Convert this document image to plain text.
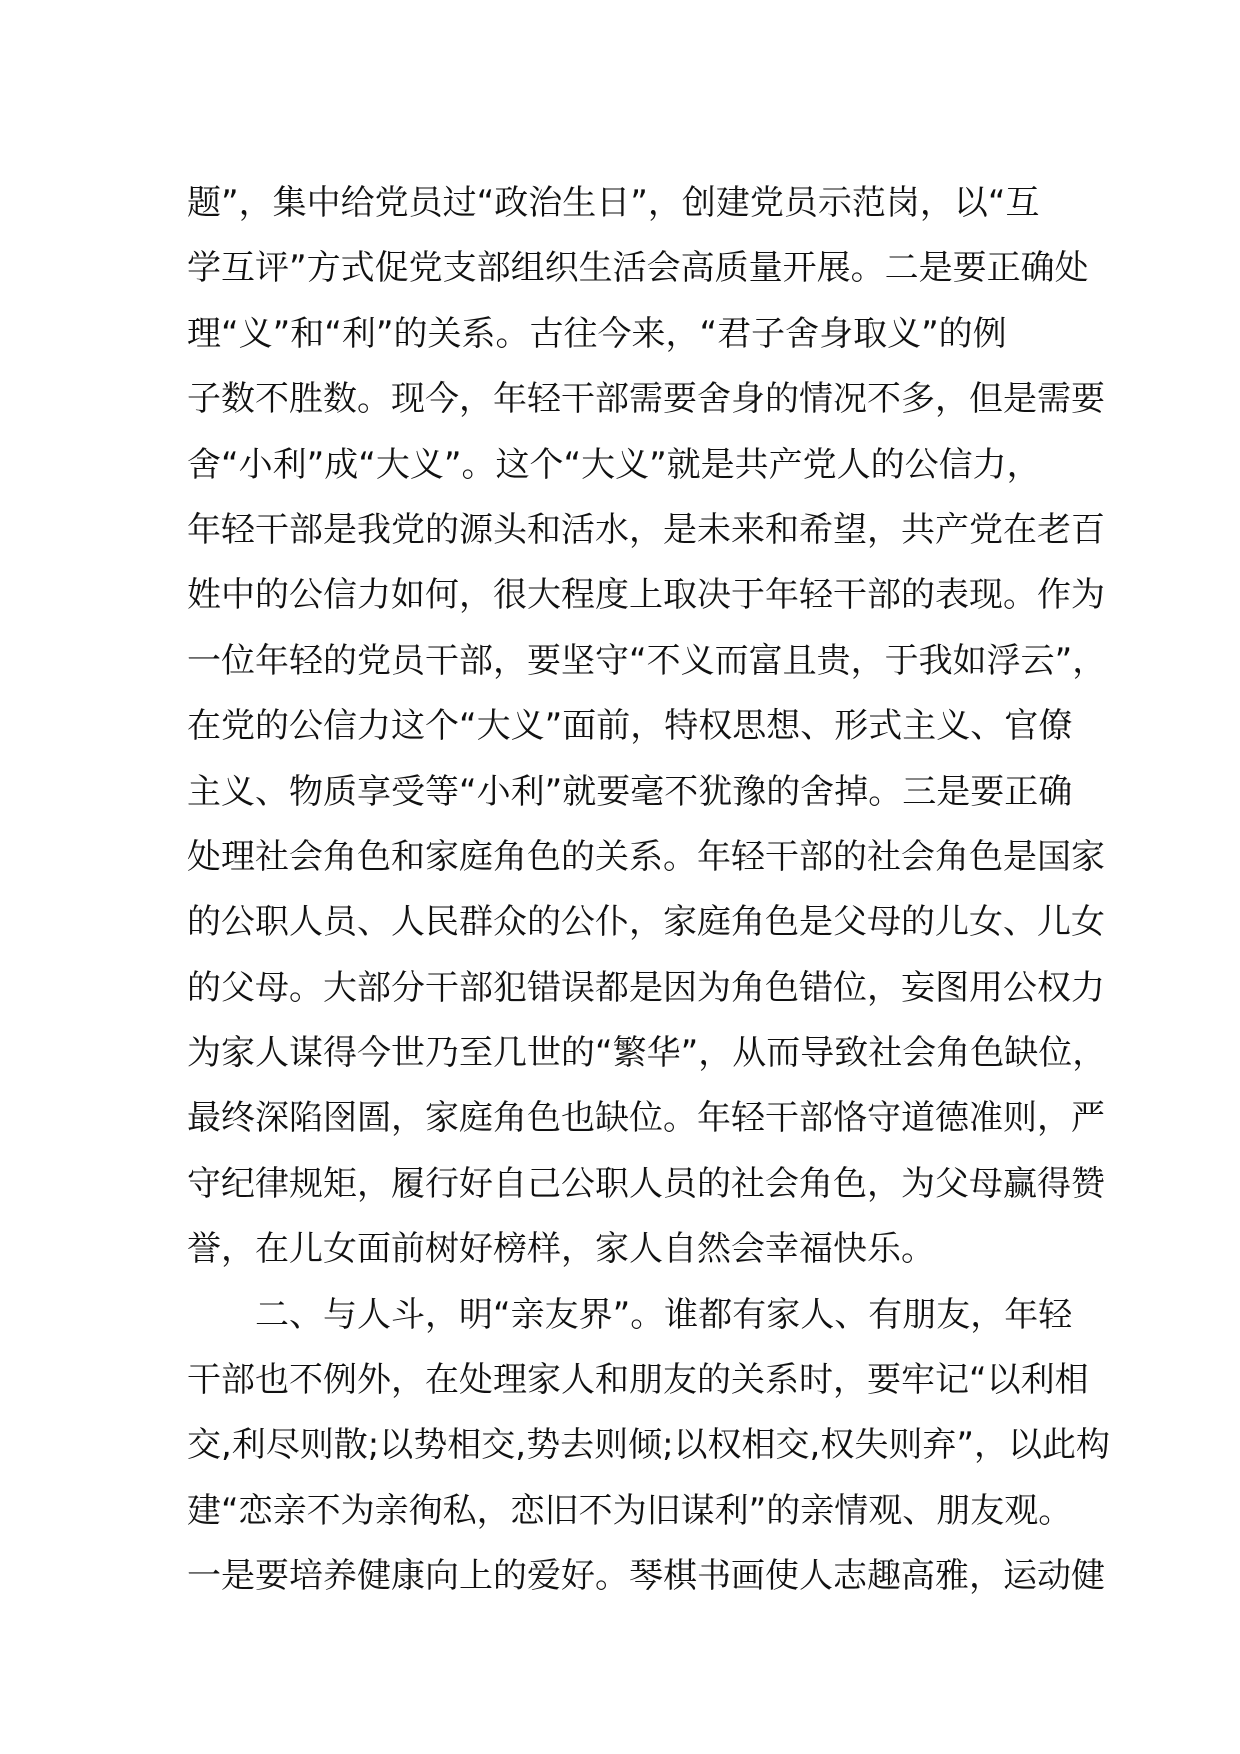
题”，集中给党员过“政治生日”，创建党员示范岗，以“互
学互评”方式促党支部组织生活会高质量开展。二是要正确处
理“义”和“利”的关系。古往今来，“君子舍身取义”的例
子数不胜数。现今，年轻干部需要舍身的情况不多，但是需要
舍“小利”成“大义”。这个“大义”就是共产党人的公信力，
年轻干部是我党的源头和活水，是未来和希望，共产党在老百
姓中的公信力如何，很大程度上取决于年轻干部的表现。作为
一位年轻的党员干部，要坚守“不义而富且贵，于我如浮云”，
在党的公信力这个“大义”面前，特权思想、形式主义、官僚
主义、物质享受等“小利”就要毫不犹豫的舍掉。三是要正确
处理社会角色和家庭角色的关系。年轻干部的社会角色是国家
的公职人员、人民群众的公仆，家庭角色是父母的儿女、儿女
的父母。大部分干部犯错误都是因为角色错位，妄图用公权力
为家人谋得今世乃至几世的“繁华”，从而导致社会角色缺位，
最终深陷囹圄，家庭角色也缺位。年轻干部恪守道德准则，严
守纪律规矩，履行好自己公职人员的社会角色，为父母赢得赞
誉，在儿女面前树好榜样，家人自然会幸福快乐。
　　二、与人斗，明“亲友界”。谁都有家人、有朋友，年轻
干部也不例外，在处理家人和朋友的关系时，要牢记“以利相
交,利尽则散;以势相交,势去则倾;以权相交,权失则弃”，以此构
建“恋亲不为亲徇私，恋旧不为旧谋利”的亲情观、朋友观。
一是要培养健康向上的爱好。琴棋书画使人志趣高雅，运动健
